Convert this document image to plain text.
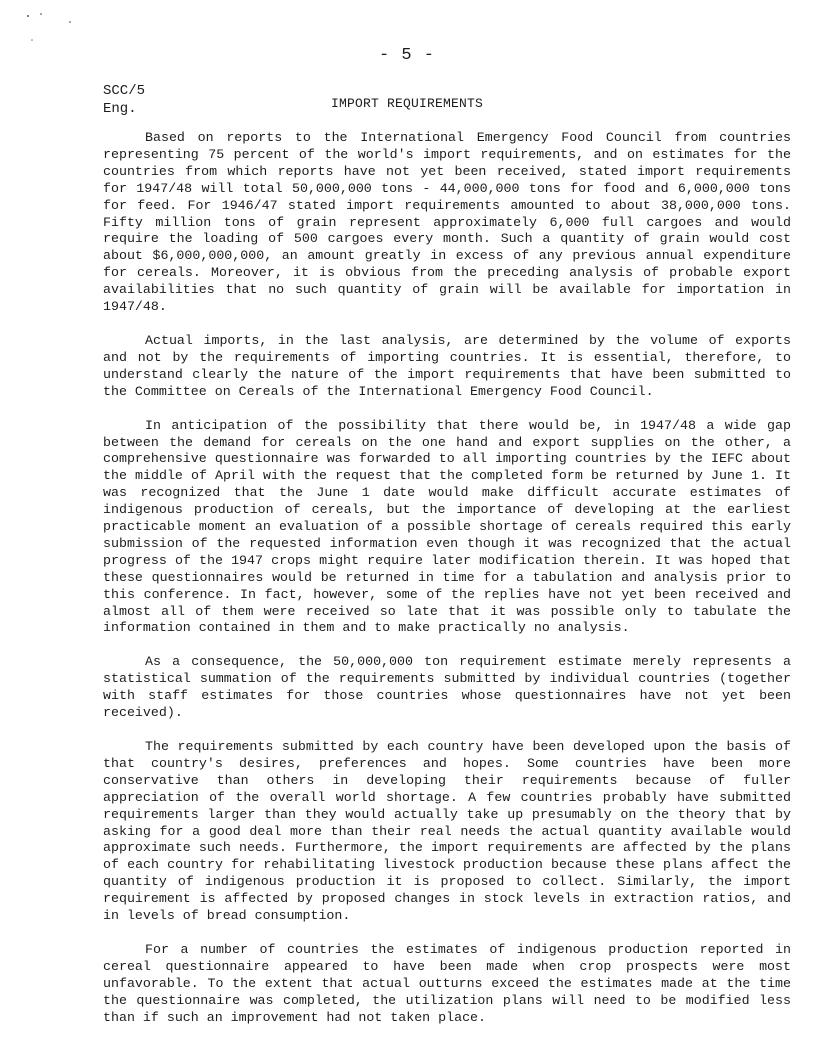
- 5 -
SCC/5
Eng.	IMPORT REQUIREMENTS

Based on reports to the International Emergency Food Council from countries representing 75 percent of the world's import requirements, and on estimates for the countries from which reports have not yet been received, stated import requirements for 1947/48 will total 50,000,000 tons - 44,000,000 tons for food and 6,000,000 tons for feed. For 1946/47 stated import requirements amounted to about 38,000,000 tons. Fifty million tons of grain represent approximately 6,000 full cargoes and would require the loading of 500 cargoes every month. Such a quantity of grain would cost about $6,000,000,000, an amount greatly in excess of any previous annual expenditure for cereals. Moreover, it is obvious from the preceding analysis of probable export availabilities that no such quantity of grain will be available for importation in 1947/48.

Actual imports, in the last analysis, are determined by the volume of exports and not by the requirements of importing countries. It is essential, therefore, to understand clearly the nature of the import requirements that have been submitted to the Committee on Cereals of the International Emergency Food Council.

In anticipation of the possibility that there would be, in 1947/48 a wide gap between the demand for cereals on the one hand and export supplies on the other, a comprehensive questionnaire was forwarded to all importing countries by the IEFC about the middle of April with the request that the completed form be returned by June 1. It was recognized that the June 1 date would make difficult accurate estimates of indigenous production of cereals, but the importance of developing at the earliest practicable moment an evaluation of a possible shortage of cereals required this early submission of the requested information even though it was recognized that the actual progress of the 1947 crops might require later modification therein. It was hoped that these questionnaires would be returned in time for a tabulation and analysis prior to this conference. In fact, however, some of the replies have not yet been received and almost all of them were received so late that it was possible only to tabulate the information contained in them and to make practically no analysis.

As a consequence, the 50,000,000 ton requirement estimate merely represents a statistical summation of the requirements submitted by individual countries (together with staff estimates for those countries whose questionnaires have not yet been received).

The requirements submitted by each country have been developed upon the basis of that country's desires, preferences and hopes. Some countries have been more conservative than others in developing their requirements because of fuller appreciation of the overall world shortage. A few countries probably have submitted requirements larger than they would actually take up presumably on the theory that by asking for a good deal more than their real needs the actual quantity available would approximate such needs. Furthermore, the import requirements are affected by the plans of each country for rehabilitating livestock production because these plans affect the quantity of indigenous production it is proposed to collect. Similarly, the import requirement is affected by proposed changes in stock levels in extraction ratios, and in levels of bread consumption.

For a number of countries the estimates of indigenous production reported in cereal questionnaire appeared to have been made when crop prospects were most unfavorable. To the extent that actual outturns exceed the estimates made at the time the questionnaire was completed, the utilization plans will need to be modified less than if such an improvement had not taken place.
